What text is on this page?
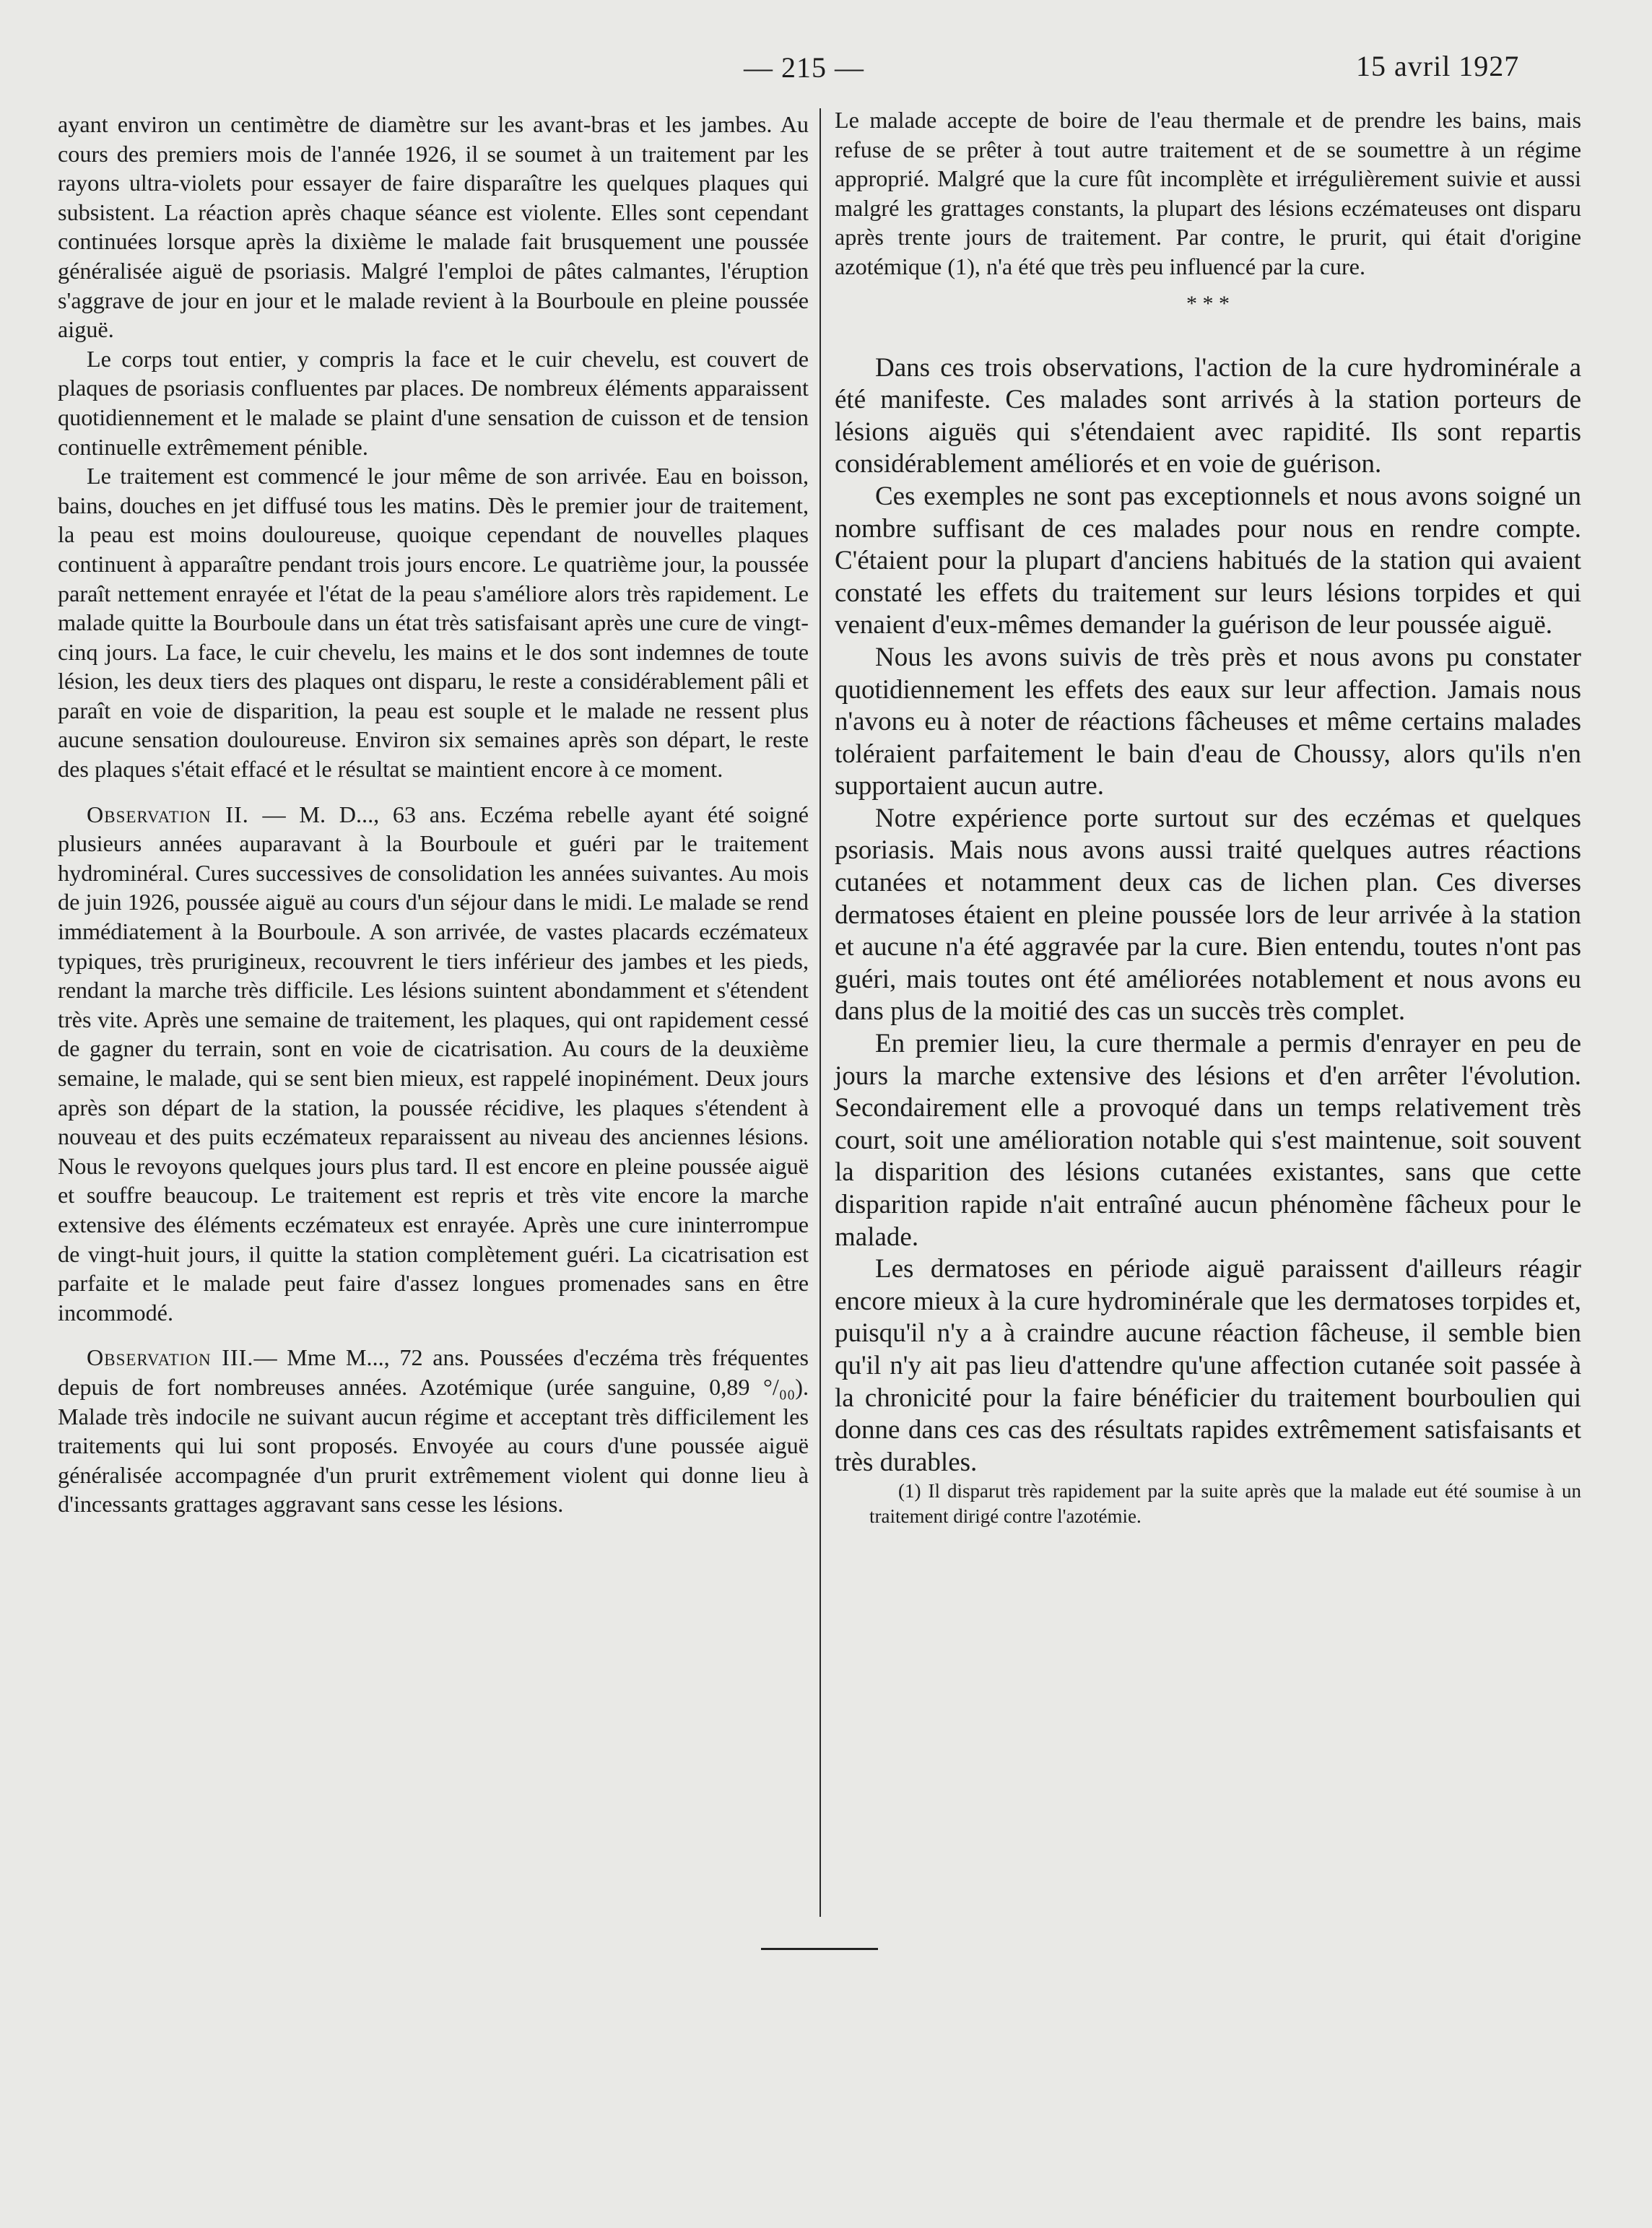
— 215 —	15 avril 1927

ayant environ un centimètre de diamètre sur les avant-bras et les jambes. Au cours des premiers mois de l'année 1926, il se soumet à un traitement par les rayons ultra-violets pour essayer de faire disparaître les quelques plaques qui subsistent. La réaction après chaque séance est violente. Elles sont cependant continuées lorsque après la dixième le malade fait brusquement une poussée généralisée aiguë de psoriasis. Malgré l'emploi de pâtes calmantes, l'éruption s'aggrave de jour en jour et le malade revient à la Bourboule en pleine poussée aiguë.

Le corps tout entier, y compris la face et le cuir chevelu, est couvert de plaques de psoriasis confluentes par places. De nombreux éléments apparaissent quotidiennement et le malade se plaint d'une sensation de cuisson et de tension continuelle extrêmement pénible.

Le traitement est commencé le jour même de son arrivée. Eau en boisson, bains, douches en jet diffusé tous les matins. Dès le premier jour de traitement, la peau est moins douloureuse, quoique cependant de nouvelles plaques continuent à apparaître pendant trois jours encore. Le quatrième jour, la poussée paraît nettement enrayée et l'état de la peau s'améliore alors très rapidement. Le malade quitte la Bourboule dans un état très satisfaisant après une cure de vingt-cinq jours. La face, le cuir chevelu, les mains et le dos sont indemnes de toute lésion, les deux tiers des plaques ont disparu, le reste a considérablement pâli et paraît en voie de disparition, la peau est souple et le malade ne ressent plus aucune sensation douloureuse. Environ six semaines après son départ, le reste des plaques s'était effacé et le résultat se maintient encore à ce moment.

Observation II. — M. D..., 63 ans. Eczéma rebelle ayant été soigné plusieurs années auparavant à la Bourboule et guéri par le traitement hydrominéral. Cures successives de consolidation les années suivantes. Au mois de juin 1926, poussée aiguë au cours d'un séjour dans le midi. Le malade se rend immédiatement à la Bourboule. A son arrivée, de vastes placards eczémateux typiques, très prurigineux, recouvrent le tiers inférieur des jambes et les pieds, rendant la marche très difficile. Les lésions suintent abondamment et s'étendent très vite. Après une semaine de traitement, les plaques, qui ont rapidement cessé de gagner du terrain, sont en voie de cicatrisation. Au cours de la deuxième semaine, le malade, qui se sent bien mieux, est rappelé inopinément. Deux jours après son départ de la station, la poussée récidive, les plaques s'étendent à nouveau et des puits eczémateux reparaissent au niveau des anciennes lésions. Nous le revoyons quelques jours plus tard. Il est encore en pleine poussée aiguë et souffre beaucoup. Le traitement est repris et très vite encore la marche extensive des éléments eczémateux est enrayée. Après une cure ininterrompue de vingt-huit jours, il quitte la station complètement guéri. La cicatrisation est parfaite et le malade peut faire d'assez longues promenades sans en être incommodé.

Observation III.— Mme M..., 72 ans. Poussées d'eczéma très fréquentes depuis de fort nombreuses années. Azotémique (urée sanguine, 0,89 °/₀₀). Malade très indocile ne suivant aucun régime et acceptant très difficilement les traitements qui lui sont proposés. Envoyée au cours d'une poussée aiguë généralisée accompagnée d'un prurit extrêmement violent qui donne lieu à d'incessants grattages aggravant sans cesse les lésions.

Le malade accepte de boire de l'eau thermale et de prendre les bains, mais refuse de se prêter à tout autre traitement et de se soumettre à un régime approprié. Malgré que la cure fût incomplète et irrégulièrement suivie et aussi malgré les grattages constants, la plupart des lésions eczémateuses ont disparu après trente jours de traitement. Par contre, le prurit, qui était d'origine azotémique (1), n'a été que très peu influencé par la cure.

* * *

Dans ces trois observations, l'action de la cure hydrominérale a été manifeste. Ces malades sont arrivés à la station porteurs de lésions aiguës qui s'étendaient avec rapidité. Ils sont repartis considérablement améliorés et en voie de guérison.

Ces exemples ne sont pas exceptionnels et nous avons soigné un nombre suffisant de ces malades pour nous en rendre compte. C'étaient pour la plupart d'anciens habitués de la station qui avaient constaté les effets du traitement sur leurs lésions torpides et qui venaient d'eux-mêmes demander la guérison de leur poussée aiguë.

Nous les avons suivis de très près et nous avons pu constater quotidiennement les effets des eaux sur leur affection. Jamais nous n'avons eu à noter de réactions fâcheuses et même certains malades toléraient parfaitement le bain d'eau de Choussy, alors qu'ils n'en supportaient aucun autre.

Notre expérience porte surtout sur des eczémas et quelques psoriasis. Mais nous avons aussi traité quelques autres réactions cutanées et notamment deux cas de lichen plan. Ces diverses dermatoses étaient en pleine poussée lors de leur arrivée à la station et aucune n'a été aggravée par la cure. Bien entendu, toutes n'ont pas guéri, mais toutes ont été améliorées notablement et nous avons eu dans plus de la moitié des cas un succès très complet.

En premier lieu, la cure thermale a permis d'enrayer en peu de jours la marche extensive des lésions et d'en arrêter l'évolution. Secondairement elle a provoqué dans un temps relativement très court, soit une amélioration notable qui s'est maintenue, soit souvent la disparition des lésions cutanées existantes, sans que cette disparition rapide n'ait entraîné aucun phénomène fâcheux pour le malade.

Les dermatoses en période aiguë paraissent d'ailleurs réagir encore mieux à la cure hydrominérale que les dermatoses torpides et, puisqu'il n'y a à craindre aucune réaction fâcheuse, il semble bien qu'il n'y ait pas lieu d'attendre qu'une affection cutanée soit passée à la chronicité pour la faire bénéficier du traitement bourboulien qui donne dans ces cas des résultats rapides extrêmement satisfaisants et très durables.

(1) Il disparut très rapidement par la suite après que la malade eut été soumise à un traitement dirigé contre l'azotémie.
